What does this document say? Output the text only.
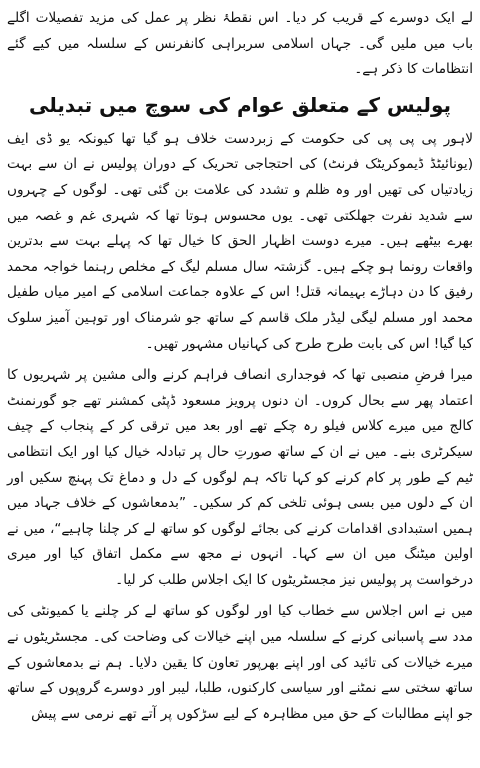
لے ایک دوسرے کے قریب کر دیا۔ اس نقطۂ نظر پر عمل کی مزید تفصیلات اگلے باب میں ملیں گی۔ جہاں اسلامی سربراہی کانفرنس کے سلسلہ میں کیے گئے انتظامات کا ذکر ہے۔

پولیس کے متعلق عوام کی سوچ میں تبدیلی

لاہور پی پی پی کی حکومت کے زبردست خلاف ہو گیا تھا کیونکہ یو ڈی ایف (یونائیٹڈ ڈیموکریٹک فرنٹ) کی احتجاجی تحریک کے دوران پولیس نے ان سے بہت زیادتیاں کی تھیں اور وہ ظلم و تشدد کی علامت بن گئی تھی۔ لوگوں کے چہروں سے شدید نفرت جھلکتی تھی۔ یوں محسوس ہوتا تھا کہ شہری غم و غصہ میں بھرے بیٹھے ہیں۔ میرے دوست اظہار الحق کا خیال تھا کہ پہلے بہت سے بدترین واقعات رونما ہو چکے ہیں۔ گزشتہ سال مسلم لیگ کے مخلص رہنما خواجہ محمد رفیق کا دن دہاڑے بہیمانہ قتل! اس کے علاوہ جماعت اسلامی کے امیر میاں طفیل محمد اور مسلم لیگی لیڈر ملک قاسم کے ساتھ جو شرمناک اور توہین آمیز سلوک کیا گیا! اس کی بابت طرح طرح کی کہانیاں مشہور تھیں۔

میرا فرضِ منصبی تھا کہ فوجداری انصاف فراہم کرنے والی مشین پر شہریوں کا اعتماد پھر سے بحال کروں۔ ان دنوں پرویز مسعود ڈپٹی کمشنر تھے جو گورنمنٹ کالج میں میرے کلاس فیلو رہ چکے تھے اور بعد میں ترقی کر کے پنجاب کے چیف سیکرٹری بنے۔ میں نے ان کے ساتھ صورتِ حال پر تبادلہ خیال کیا اور ایک انتظامی ٹیم کے طور پر کام کرنے کو کہا تاکہ ہم لوگوں کے دل و دماغ تک پہنچ سکیں اور ان کے دلوں میں بسی ہوئی تلخی کم کر سکیں۔ ”بدمعاشوں کے خلاف جہاد میں ہمیں استبدادی اقدامات کرنے کی بجائے لوگوں کو ساتھ لے کر چلنا چاہیے“، میں نے اولین میٹنگ میں ان سے کہا۔ انہوں نے مجھ سے مکمل اتفاق کیا اور میری درخواست پر پولیس نیز مجسٹریٹوں کا ایک اجلاس طلب کر لیا۔

میں نے اس اجلاس سے خطاب کیا اور لوگوں کو ساتھ لے کر چلنے یا کمیونٹی کی مدد سے پاسبانی کرنے کے سلسلہ میں اپنے خیالات کی وضاحت کی۔ مجسٹریٹوں نے میرے خیالات کی تائید کی اور اپنے بھرپور تعاون کا یقین دلایا۔ ہم نے بدمعاشوں کے ساتھ سختی سے نمٹنے اور سیاسی کارکنوں، طلبا، لیبر اور دوسرے گروپوں کے ساتھ جو اپنے مطالبات کے حق میں مظاہرہ کے لیے سڑکوں پر آتے تھے نرمی سے پیش
